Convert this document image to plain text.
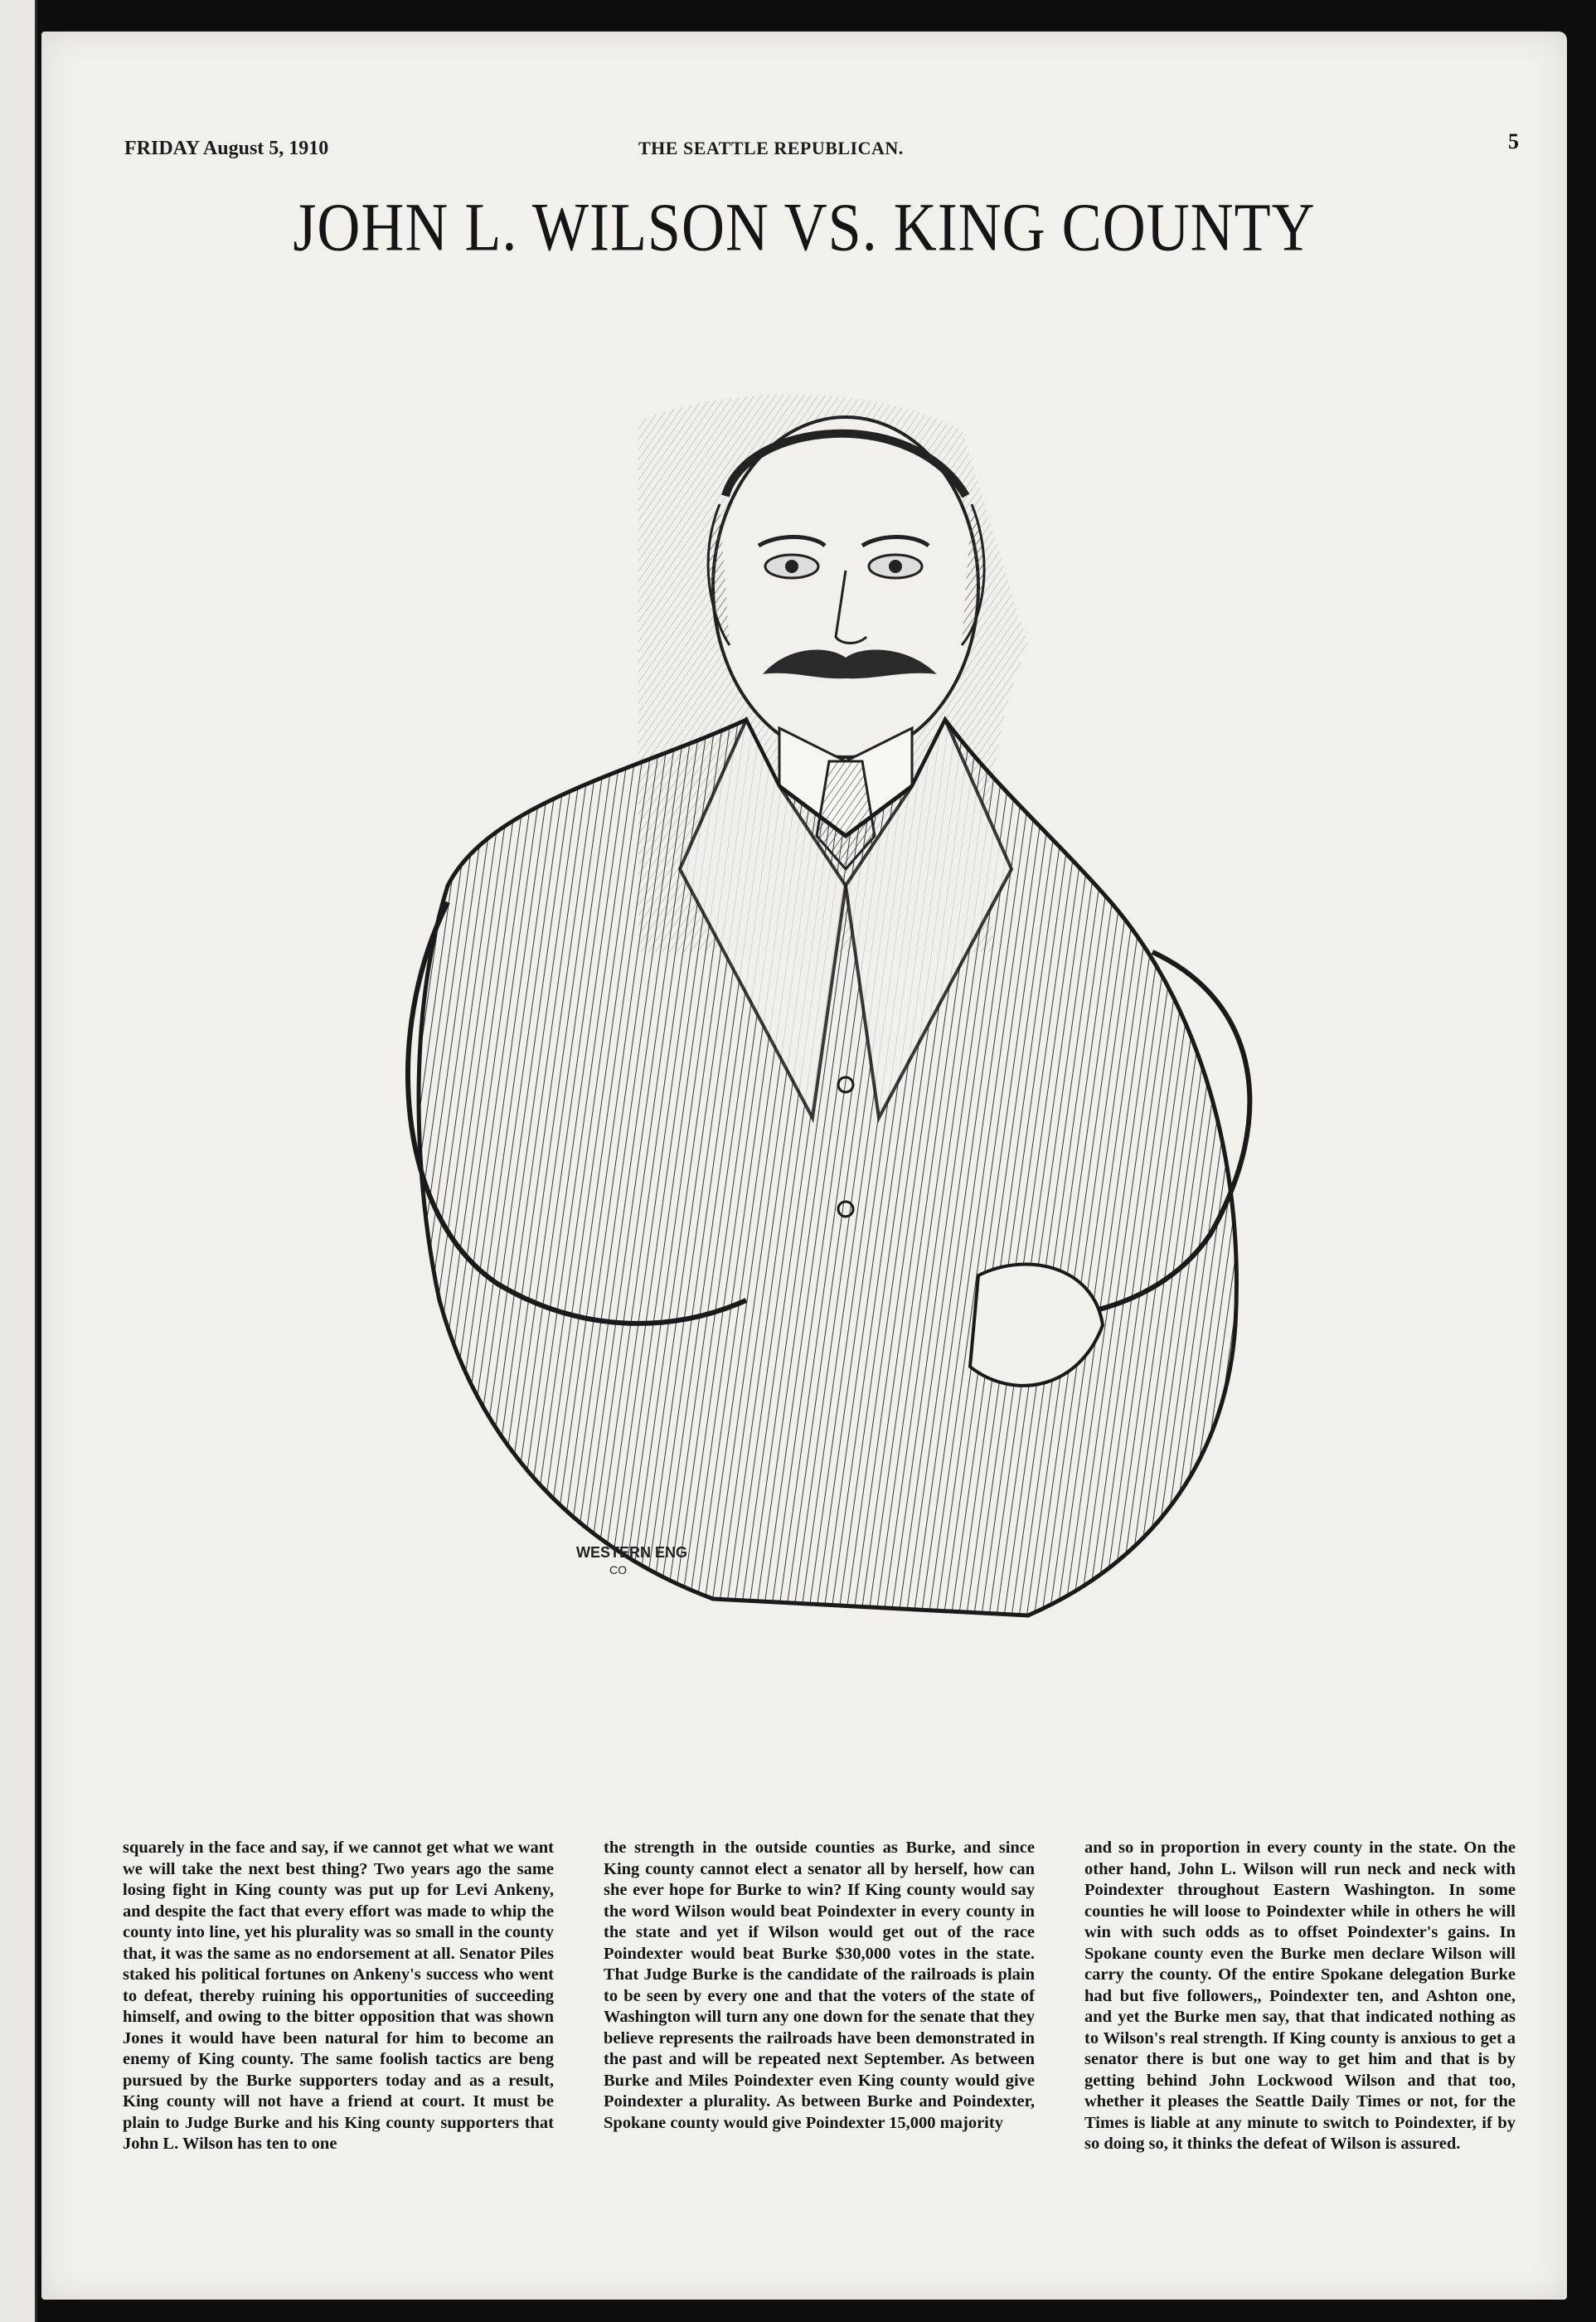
FRIDAY August 5, 1910	THE SEATTLE REPUBLICAN.	5
JOHN L. WILSON VS. KING COUNTY
WESTERN ENG
CO
squarely in the face and say, if we cannot get what we want we will take the next best thing? Two years ago the same losing fight in King county was put up for Levi Ankeny, and despite the fact that every effort was made to whip the county into line, yet his plurality was so small in the county that, it was the same as no endorsement at all. Senator Piles staked his political fortunes on Ankeny's success who went to defeat, thereby ruining his opportunities of succeeding himself, and owing to the bitter opposition that was shown Jones it would have been natural for him to become an enemy of King county. The same foolish tactics are beng pursued by the Burke supporters today and as a result, King county will not have a friend at court. It must be plain to Judge Burke and his King county supporters that John L. Wilson has ten to one
the strength in the outside counties as Burke, and since King county cannot elect a senator all by herself, how can she ever hope for Burke to win? If King county would say the word Wilson would beat Poindexter in every county in the state and yet if Wilson would get out of the race Poindexter would beat Burke $30,000 votes in the state. That Judge Burke is the candidate of the railroads is plain to be seen by every one and that the voters of the state of Washington will turn any one down for the senate that they believe represents the railroads have been demonstrated in the past and will be repeated next September. As between Burke and Miles Poindexter even King county would give Poindexter a plurality. As between Burke and Poindexter, Spokane county would give Poindexter 15,000 majority
and so in proportion in every county in the state. On the other hand, John L. Wilson will run neck and neck with Poindexter throughout Eastern Washington. In some counties he will loose to Poindexter while in others he will win with such odds as to offset Poindexter's gains. In Spokane county even the Burke men declare Wilson will carry the county. Of the entire Spokane delegation Burke had but five followers,, Poindexter ten, and Ashton one, and yet the Burke men say, that that indicated nothing as to Wilson's real strength. If King county is anxious to get a senator there is but one way to get him and that is by getting behind John Lockwood Wilson and that too, whether it pleases the Seattle Daily Times or not, for the Times is liable at any minute to switch to Poindexter, if by so doing so, it thinks the defeat of Wilson is assured.
